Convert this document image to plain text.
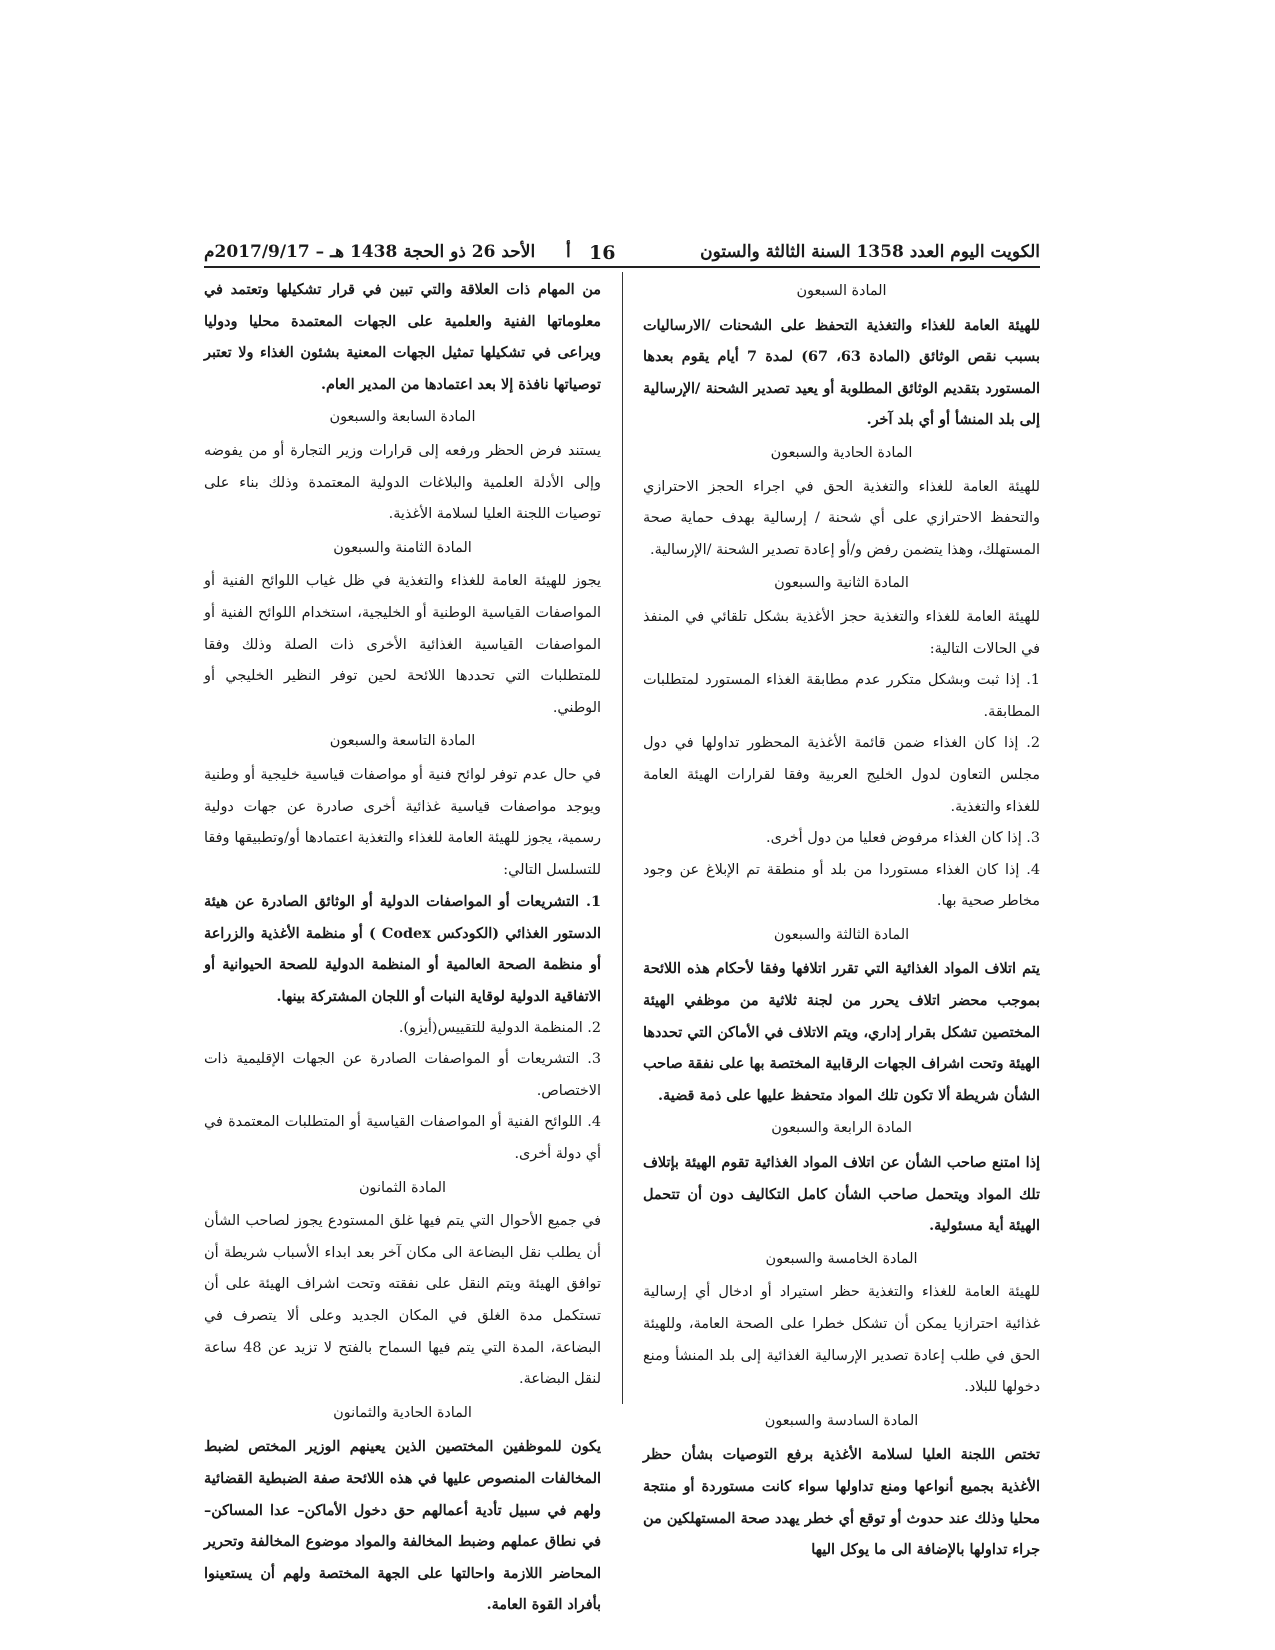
الكويت اليوم العدد 1358 السنة الثالثة والستون
16
أ
الأحد 26 ذو الحجة 1438 هـ – 2017/9/17م

المادة السبعون

للهيئة العامة للغذاء والتغذية التحفظ على الشحنات /الارساليات بسبب نقص الوثائق (المادة 63، 67) لمدة 7 أيام يقوم بعدها المستورد بتقديم الوثائق المطلوبة أو يعيد تصدير الشحنة /الإرسالية إلى بلد المنشأ أو أي بلد آخر.

المادة الحادية والسبعون

للهيئة العامة للغذاء والتغذية الحق في اجراء الحجز الاحترازي والتحفظ الاحترازي على أي شحنة / إرسالية بهدف حماية صحة المستهلك، وهذا يتضمن رفض و/أو إعادة تصدير الشحنة /الإرسالية.

المادة الثانية والسبعون

للهيئة العامة للغذاء والتغذية حجز الأغذية بشكل تلقائي في المنفذ في الحالات التالية:

1. إذا ثبت وبشكل متكرر عدم مطابقة الغذاء المستورد لمتطلبات المطابقة.

2. إذا كان الغذاء ضمن قائمة الأغذية المحظور تداولها في دول مجلس التعاون لدول الخليج العربية وفقا لقرارات الهيئة العامة للغذاء والتغذية.

3. إذا كان الغذاء مرفوض فعليا من دول أخرى.

4. إذا كان الغذاء مستوردا من بلد أو منطقة تم الإبلاغ عن وجود مخاطر صحية بها.

المادة الثالثة والسبعون

يتم اتلاف المواد الغذائية التي تقرر اتلافها وفقا لأحكام هذه اللائحة بموجب محضر اتلاف يحرر من لجنة ثلاثية من موظفي الهيئة المختصين تشكل بقرار إداري، ويتم الاتلاف في الأماكن التي تحددها الهيئة وتحت اشراف الجهات الرقابية المختصة بها على نفقة صاحب الشأن شريطة ألا تكون تلك المواد متحفظ عليها على ذمة قضية.

المادة الرابعة والسبعون

إذا امتنع صاحب الشأن عن اتلاف المواد الغذائية تقوم الهيئة بإتلاف تلك المواد ويتحمل صاحب الشأن كامل التكاليف دون أن تتحمل الهيئة أية مسئولية.

المادة الخامسة والسبعون

للهيئة العامة للغذاء والتغذية حظر استيراد أو ادخال أي إرسالية غذائية احترازيا يمكن أن تشكل خطرا على الصحة العامة، وللهيئة الحق في طلب إعادة تصدير الإرسالية الغذائية إلى بلد المنشأ ومنع دخولها للبلاد.

المادة السادسة والسبعون

تختص اللجنة العليا لسلامة الأغذية برفع التوصيات بشأن حظر الأغذية بجميع أنواعها ومنع تداولها سواء كانت مستوردة أو منتجة محليا وذلك عند حدوث أو توقع أي خطر يهدد صحة المستهلكين من جراء تداولها بالإضافة الى ما يوكل اليها

من المهام ذات العلاقة والتي تبين في قرار تشكيلها وتعتمد في معلوماتها الفنية والعلمية على الجهات المعتمدة محليا ودوليا ويراعى في تشكيلها تمثيل الجهات المعنية بشئون الغذاء ولا تعتبر توصياتها نافذة إلا بعد اعتمادها من المدير العام.

المادة السابعة والسبعون

يستند فرض الحظر ورفعه إلى قرارات وزير التجارة أو من يفوضه وإلى الأدلة العلمية والبلاغات الدولية المعتمدة وذلك بناء على توصيات اللجنة العليا لسلامة الأغذية.

المادة الثامنة والسبعون

يجوز للهيئة العامة للغذاء والتغذية في ظل غياب اللوائح الفنية أو المواصفات القياسية الوطنية أو الخليجية، استخدام اللوائح الفنية أو المواصفات القياسية الغذائية الأخرى ذات الصلة وذلك وفقا للمتطلبات التي تحددها اللائحة لحين توفر النظير الخليجي أو الوطني.

المادة التاسعة والسبعون

في حال عدم توفر لوائح فنية أو مواصفات قياسية خليجية أو وطنية ويوجد مواصفات قياسية غذائية أخرى صادرة عن جهات دولية رسمية، يجوز للهيئة العامة للغذاء والتغذية اعتمادها أو/وتطبيقها وفقا للتسلسل التالي:

1. التشريعات أو المواصفات الدولية أو الوثائق الصادرة عن هيئة الدستور الغذائي (الكودكس Codex ) أو منظمة الأغذية والزراعة أو منظمة الصحة العالمية أو المنظمة الدولية للصحة الحيوانية أو الاتفاقية الدولية لوقاية النبات أو اللجان المشتركة بينها.

2. المنظمة الدولية للتقييس(أيزو).

3. التشريعات أو المواصفات الصادرة عن الجهات الإقليمية ذات الاختصاص.

4. اللوائح الفنية أو المواصفات القياسية أو المتطلبات المعتمدة في أي دولة أخرى.

المادة الثمانون

في جميع الأحوال التي يتم فيها غلق المستودع يجوز لصاحب الشأن أن يطلب نقل البضاعة الى مكان آخر بعد ابداء الأسباب شريطة أن توافق الهيئة ويتم النقل على نفقته وتحت اشراف الهيئة على أن تستكمل مدة الغلق في المكان الجديد وعلى ألا يتصرف في البضاعة، المدة التي يتم فيها السماح بالفتح لا تزيد عن 48 ساعة لنقل البضاعة.

المادة الحادية والثمانون

يكون للموظفين المختصين الذين يعينهم الوزير المختص لضبط المخالفات المنصوص عليها في هذه اللائحة صفة الضبطية القضائية ولهم في سبيل تأدية أعمالهم حق دخول الأماكن– عدا المساكن– في نطاق عملهم وضبط المخالفة والمواد موضوع المخالفة وتحرير المحاضر اللازمة واحالتها على الجهة المختصة ولهم أن يستعينوا بأفراد القوة العامة.
